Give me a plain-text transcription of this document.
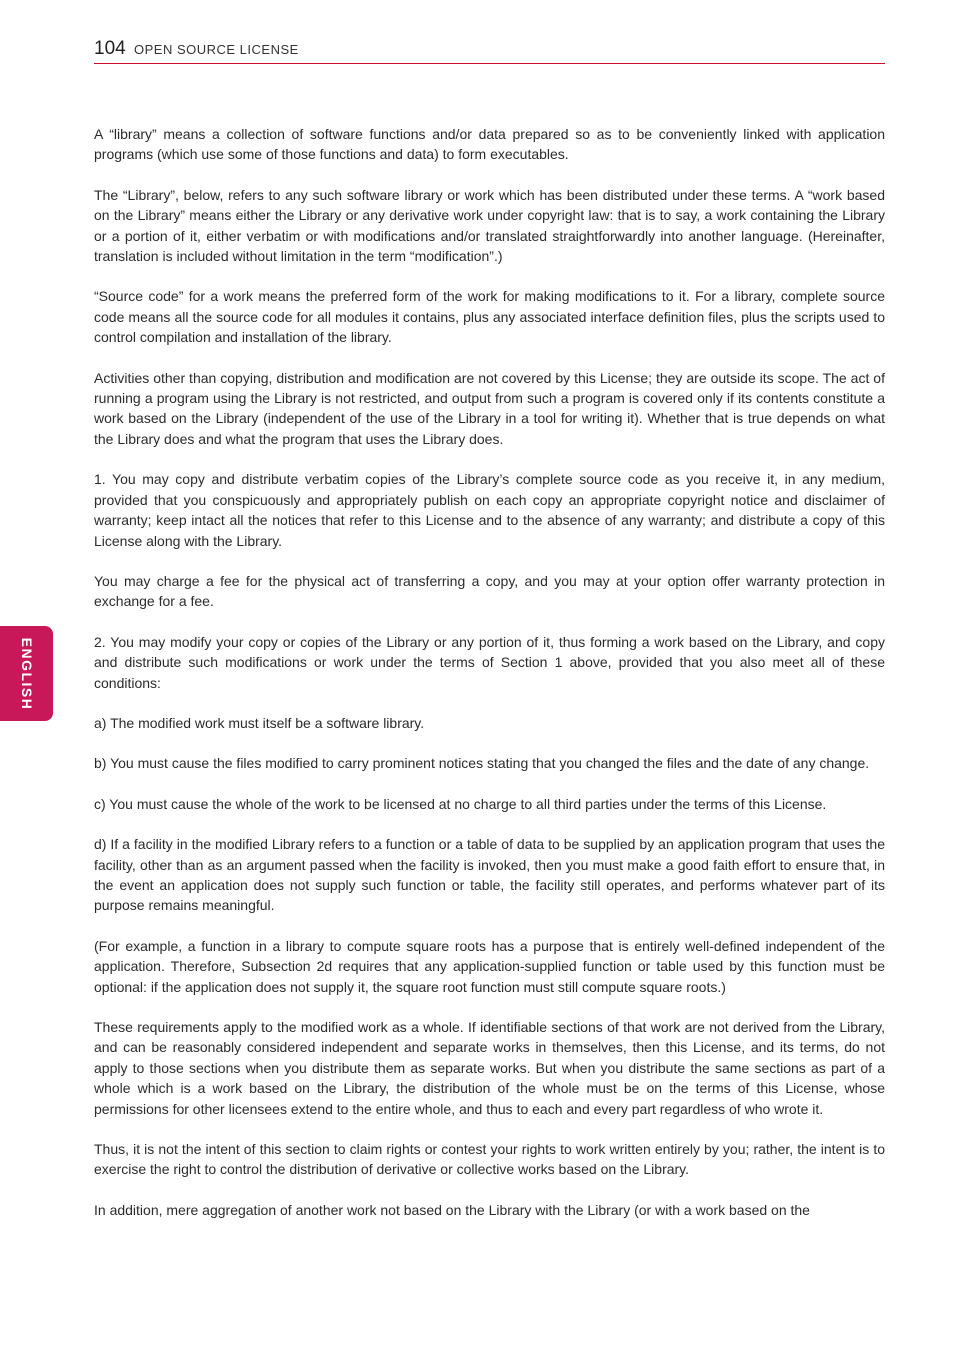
104 OPEN SOURCE LICENSE
ENGLISH

A “library” means a collection of software functions and/or data prepared so as to be conveniently linked with application programs (which use some of those functions and data) to form executables.

The “Library”, below, refers to any such software library or work which has been distributed under these terms. A “work based on the Library” means either the Library or any derivative work under copyright law: that is to say, a work containing the Library or a portion of it, either verbatim or with modifications and/or translated straightforwardly into another language. (Hereinafter, translation is included without limitation in the term “modification”.)

“Source code” for a work means the preferred form of the work for making modifications to it. For a library, complete source code means all the source code for all modules it contains, plus any associated interface definition files, plus the scripts used to control compilation and installation of the library.

Activities other than copying, distribution and modification are not covered by this License; they are outside its scope. The act of running a program using the Library is not restricted, and output from such a program is covered only if its contents constitute a work based on the Library (independent of the use of the Library in a tool for writing it). Whether that is true depends on what the Library does and what the program that uses the Library does.

1. You may copy and distribute verbatim copies of the Library’s complete source code as you receive it, in any medium, provided that you conspicuously and appropriately publish on each copy an appropriate copyright notice and disclaimer of warranty; keep intact all the notices that refer to this License and to the absence of any warranty; and distribute a copy of this License along with the Library.

You may charge a fee for the physical act of transferring a copy, and you may at your option offer warranty protection in exchange for a fee.

2. You may modify your copy or copies of the Library or any portion of it, thus forming a work based on the Library, and copy and distribute such modifications or work under the terms of Section 1 above, provided that you also meet all of these conditions:

a) The modified work must itself be a software library.

b) You must cause the files modified to carry prominent notices stating that you changed the files and the date of any change.

c) You must cause the whole of the work to be licensed at no charge to all third parties under the terms of this License.

d) If a facility in the modified Library refers to a function or a table of data to be supplied by an application program that uses the facility, other than as an argument passed when the facility is invoked, then you must make a good faith effort to ensure that, in the event an application does not supply such function or table, the facility still operates, and performs whatever part of its purpose remains meaningful.

(For example, a function in a library to compute square roots has a purpose that is entirely well-defined independent of the application. Therefore, Subsection 2d requires that any application-supplied function or table used by this function must be optional: if the application does not supply it, the square root function must still compute square roots.)

These requirements apply to the modified work as a whole. If identifiable sections of that work are not derived from the Library, and can be reasonably considered independent and separate works in themselves, then this License, and its terms, do not apply to those sections when you distribute them as separate works. But when you distribute the same sections as part of a whole which is a work based on the Library, the distribution of the whole must be on the terms of this License, whose permissions for other licensees extend to the entire whole, and thus to each and every part regardless of who wrote it.

Thus, it is not the intent of this section to claim rights or contest your rights to work written entirely by you; rather, the intent is to exercise the right to control the distribution of derivative or collective works based on the Library.

In addition, mere aggregation of another work not based on the Library with the Library (or with a work based on the
